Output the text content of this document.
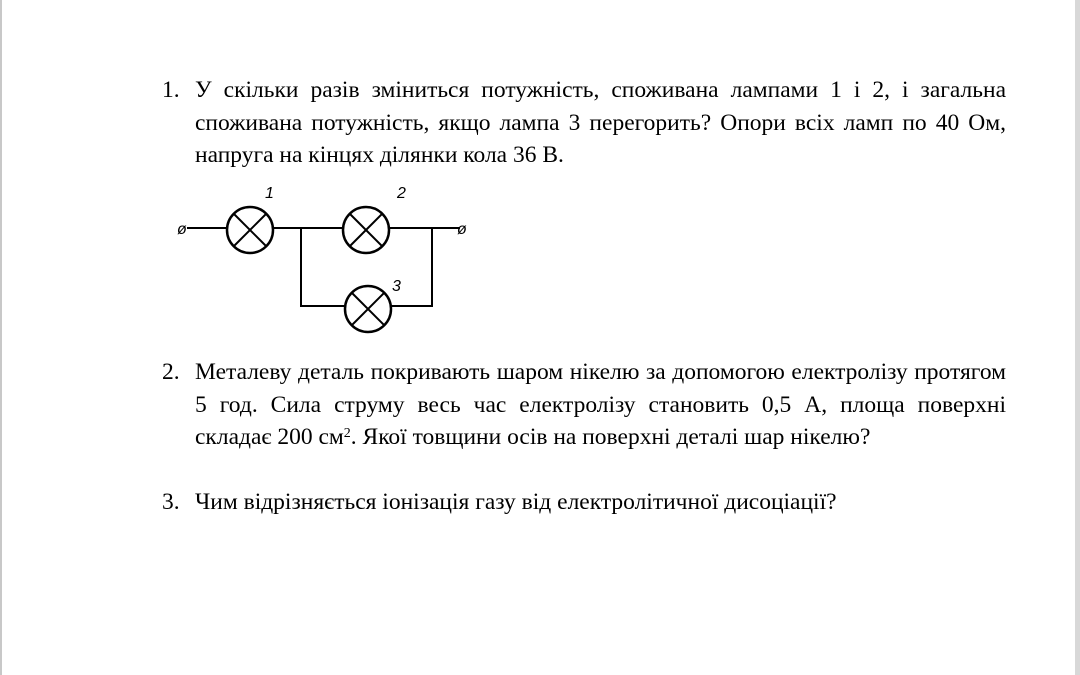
1. У скільки разів зміниться потужність, споживана лампами 1 і 2, і загальна споживана потужність, якщо лампа 3 перегорить? Опори всіх ламп по 40 Ом, напруга на кінцях ділянки кола 36 В.
ø	ø
1	2
3
2. Металеву деталь покривають шаром нікелю за допомогою електролізу протягом 5 год. Сила струму весь час електролізу становить 0,5 А, площа поверхні складає 200 $см^2$. Якої товщини осів на поверхні деталі шар нікелю?
3. Чим відрізняється іонізація газу від електролітичної дисоціації?
